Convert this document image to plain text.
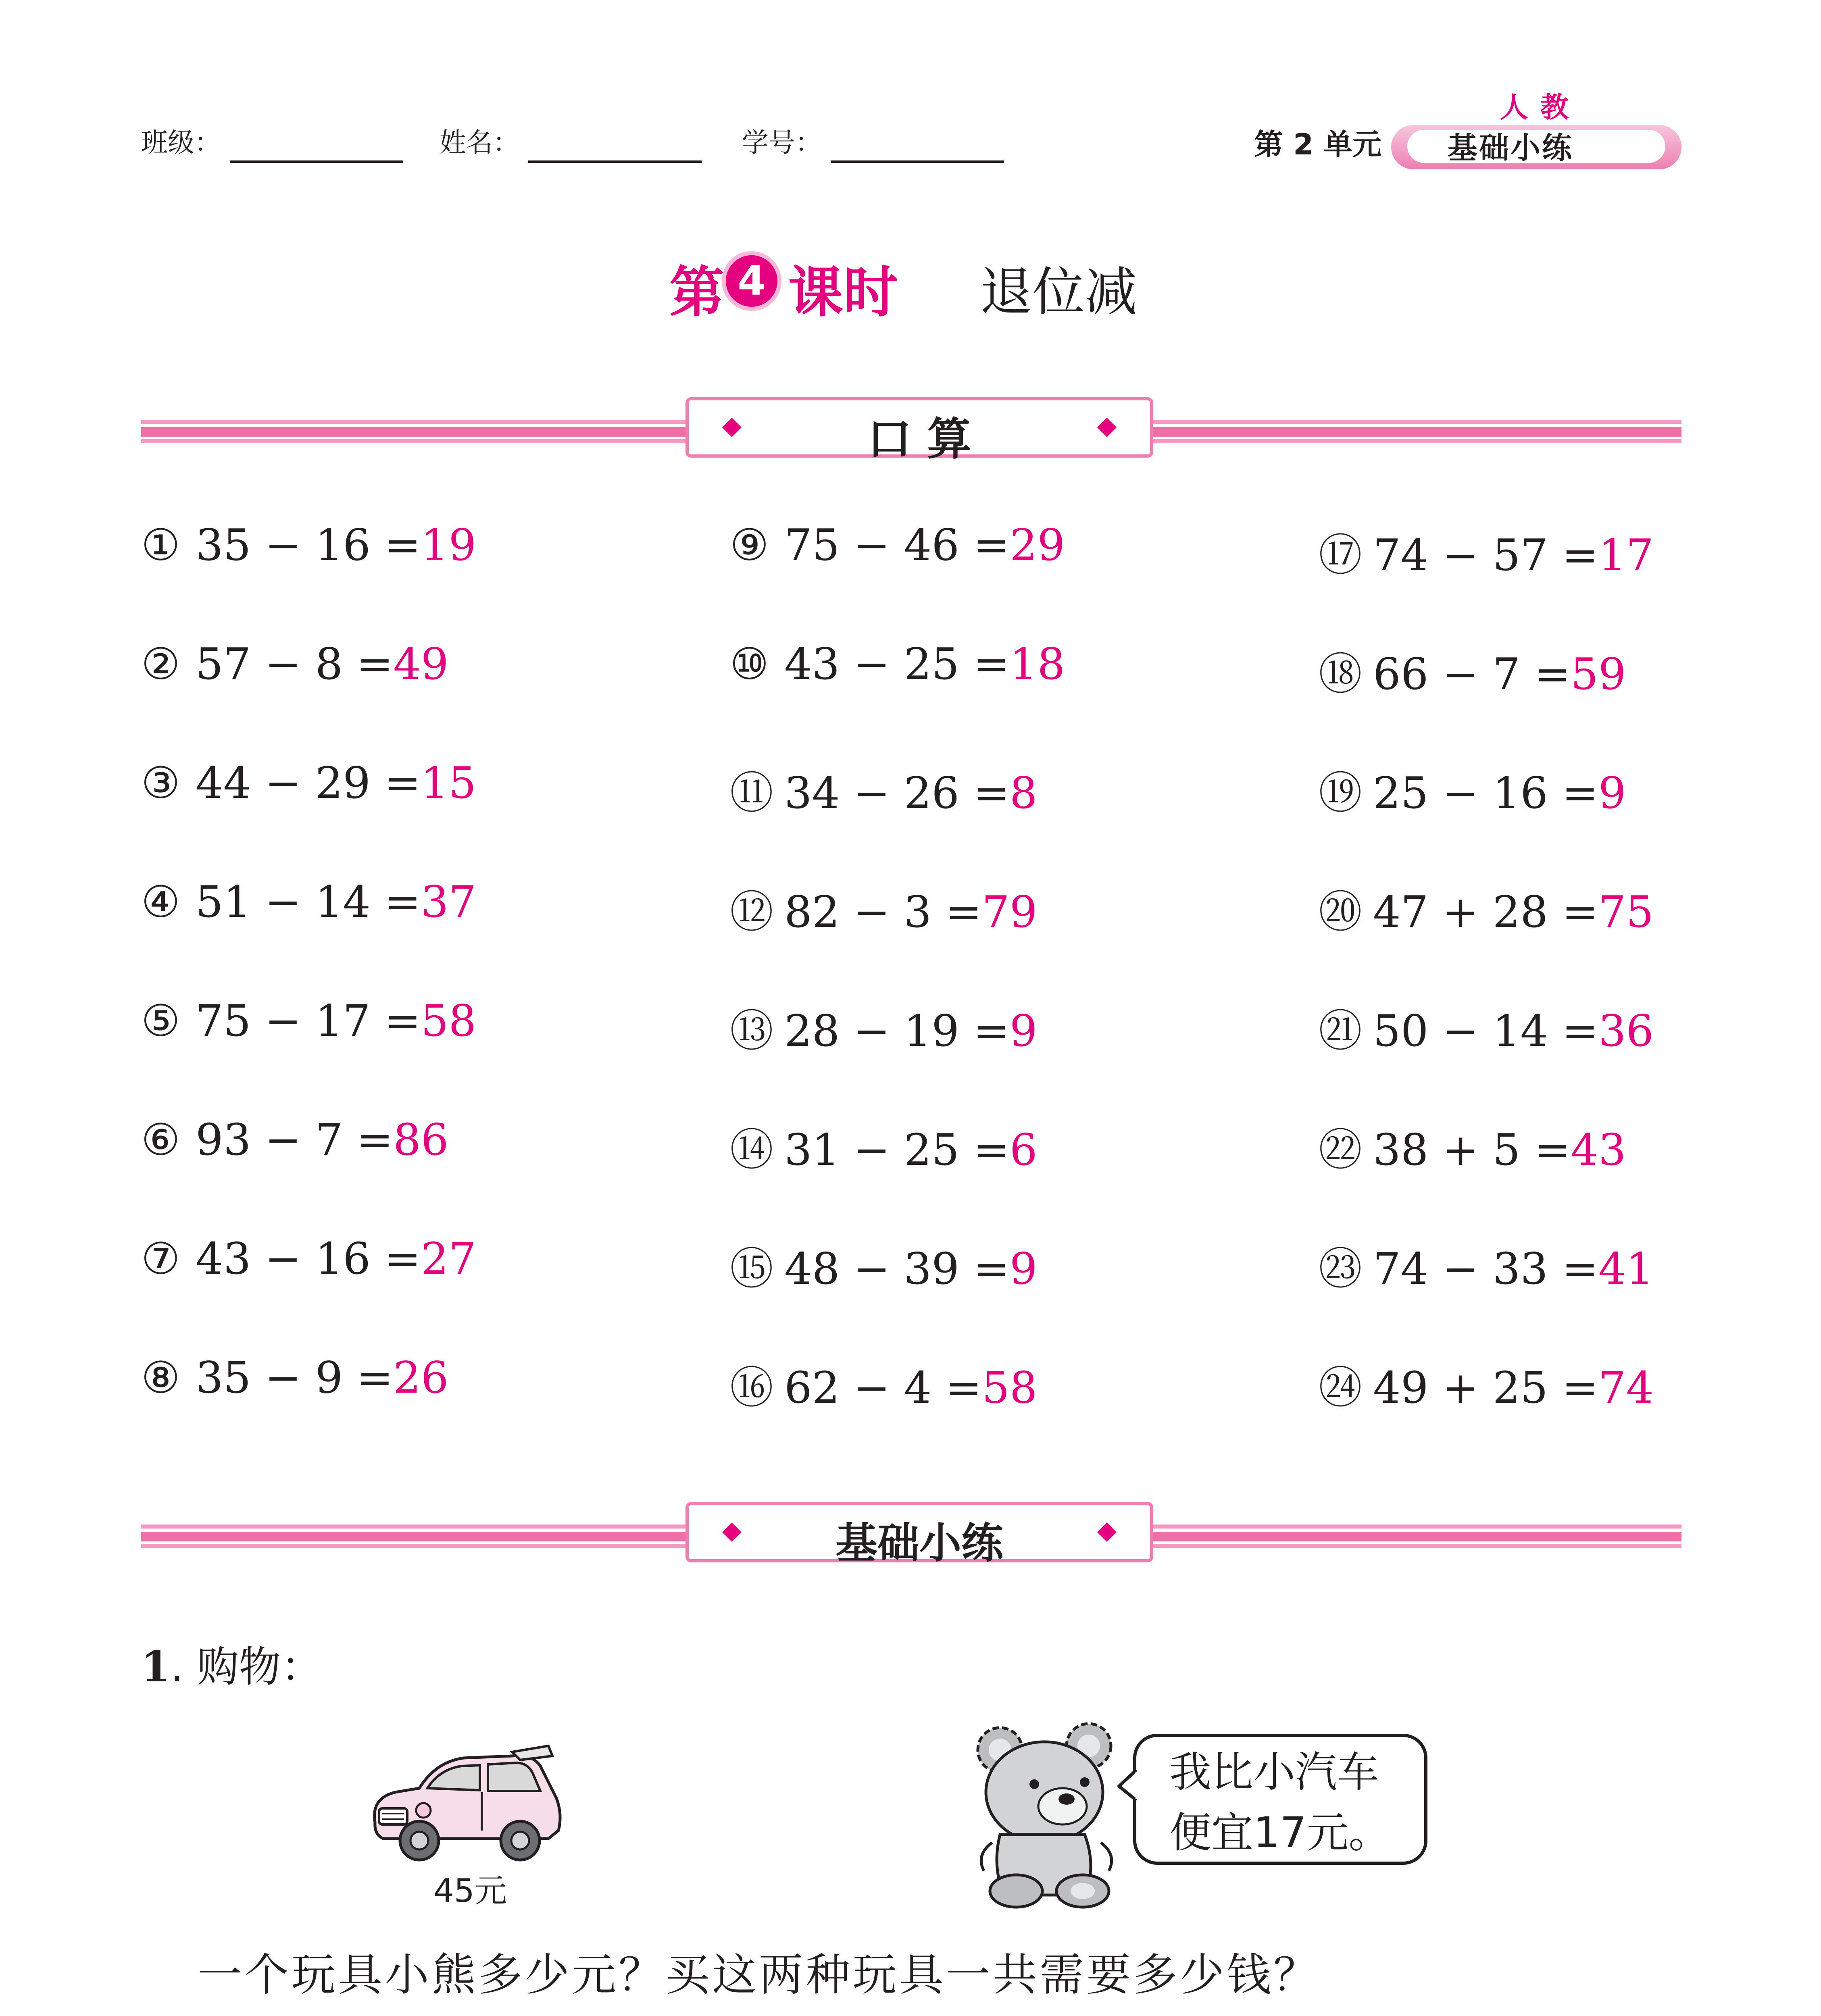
班级：	姓名：	学号：	第 2 单元
人教
基础小练
第 4 课时 退位减
口 算
① 35 − 16 =19
② 57 − 8 =49
③ 44 − 29 =15
④ 51 − 14 =37
⑤ 75 − 17 =58
⑥ 93 − 7 =86
⑦ 43 − 16 =27
⑧ 35 − 9 =26
⑨ 75 − 46 =29
⑩ 43 − 25 =18
⑪ 34 − 26 =8
⑫ 82 − 3 =79
⑬ 28 − 19 =9
⑭ 31 − 25 =6
⑮ 48 − 39 =9
⑯ 62 − 4 =58
⑰ 74 − 57 =17
⑱ 66 − 7 =59
⑲ 25 − 16 =9
⑳ 47 + 28 =75
㉑ 50 − 14 =36
㉒ 38 + 5 =43
㉓ 74 − 33 =41
㉔ 49 + 25 =74
基础小练
1. 购物：
45元
我比小汽车
便宜17元。
一个玩具小熊多少元？买这两种玩具一共需要多少钱？
